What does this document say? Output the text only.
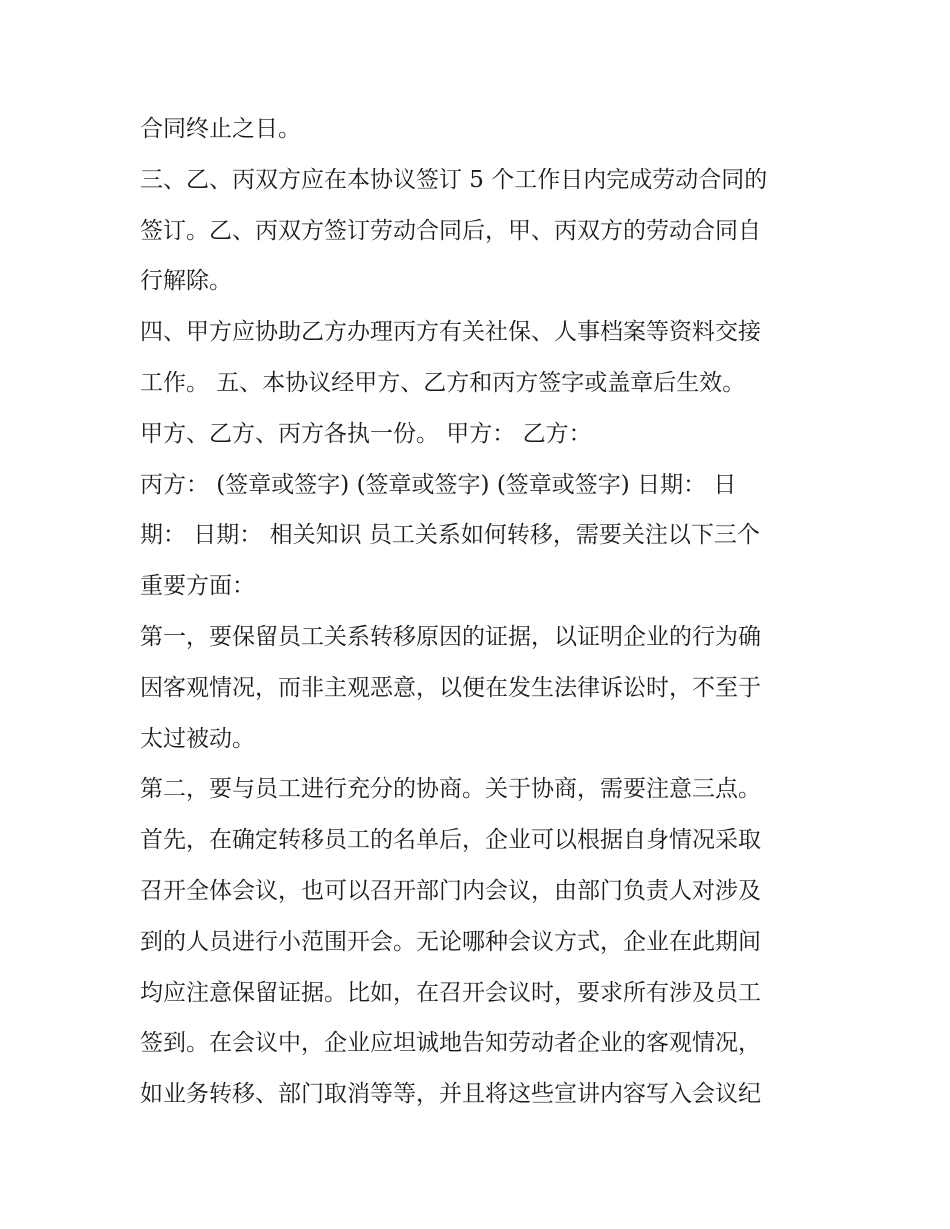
合同终止之日。
三、乙、丙双方应在本协议签订 5 个工作日内完成劳动合同的
签订。乙、丙双方签订劳动合同后，甲、丙双方的劳动合同自
行解除。
四、甲方应协助乙方办理丙方有关社保、人事档案等资料交接
工作。 五、本协议经甲方、乙方和丙方签字或盖章后生效。
甲方、乙方、丙方各执一份。 甲方： 乙方：
丙方： (签章或签字) (签章或签字) (签章或签字) 日期： 日
期： 日期： 相关知识 员工关系如何转移，需要关注以下三个
重要方面：
第一，要保留员工关系转移原因的证据，以证明企业的行为确
因客观情况，而非主观恶意，以便在发生法律诉讼时，不至于
太过被动。
第二，要与员工进行充分的协商。关于协商，需要注意三点。
首先，在确定转移员工的名单后，企业可以根据自身情况采取
召开全体会议，也可以召开部门内会议，由部门负责人对涉及
到的人员进行小范围开会。无论哪种会议方式，企业在此期间
均应注意保留证据。比如，在召开会议时，要求所有涉及员工
签到。在会议中，企业应坦诚地告知劳动者企业的客观情况，
如业务转移、部门取消等等，并且将这些宣讲内容写入会议纪
